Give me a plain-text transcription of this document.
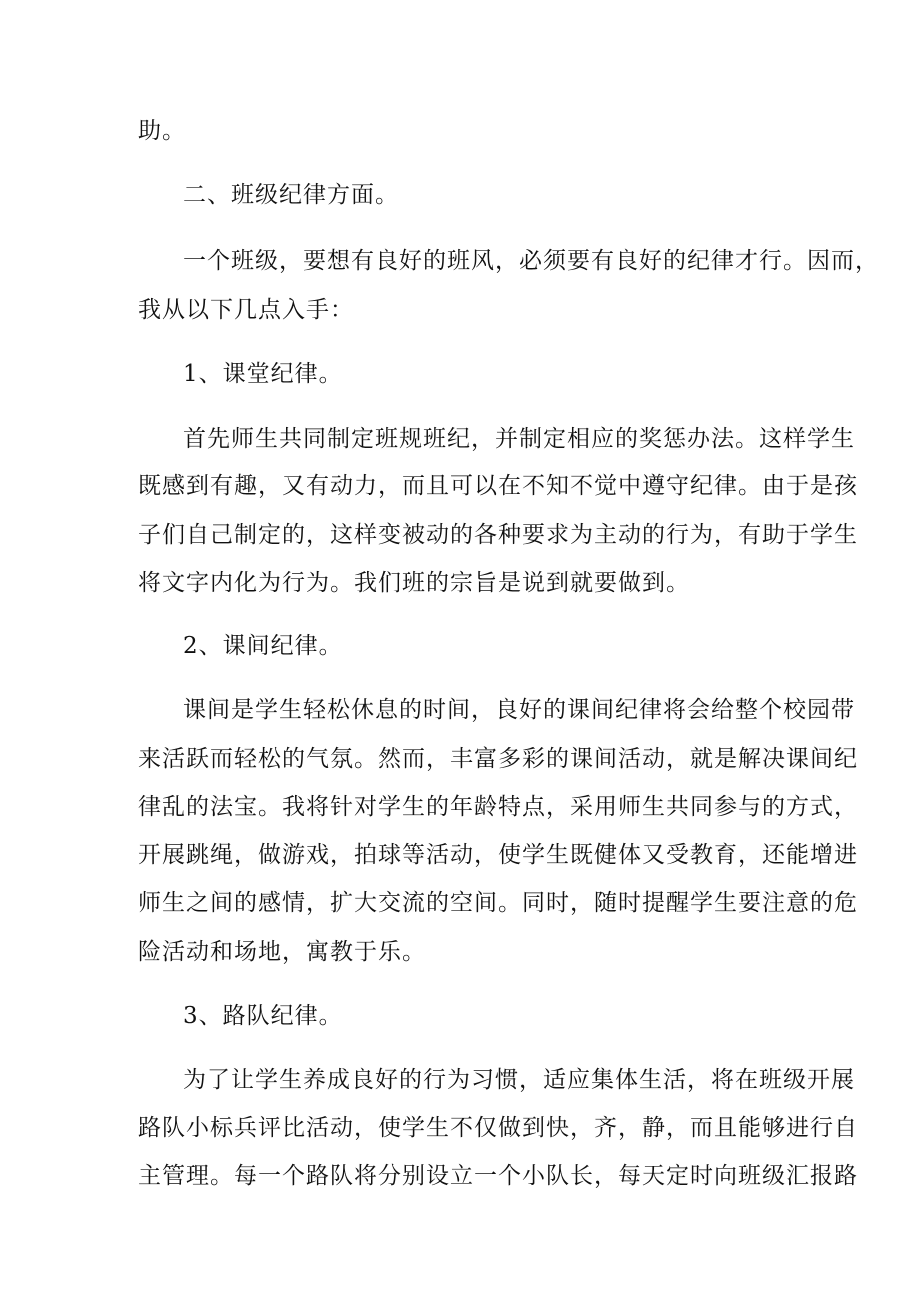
助。
二、班级纪律方面。
一个班级，要想有良好的班风，必须要有良好的纪律才行。因而，
我从以下几点入手：
1、课堂纪律。
首先师生共同制定班规班纪，并制定相应的奖惩办法。这样学生
既感到有趣，又有动力，而且可以在不知不觉中遵守纪律。由于是孩
子们自己制定的，这样变被动的各种要求为主动的行为，有助于学生
将文字内化为行为。我们班的宗旨是说到就要做到。
2、课间纪律。
课间是学生轻松休息的时间，良好的课间纪律将会给整个校园带
来活跃而轻松的气氛。然而，丰富多彩的课间活动，就是解决课间纪
律乱的法宝。我将针对学生的年龄特点，采用师生共同参与的方式，
开展跳绳，做游戏，拍球等活动，使学生既健体又受教育，还能增进
师生之间的感情，扩大交流的空间。同时，随时提醒学生要注意的危
险活动和场地，寓教于乐。
3、路队纪律。
为了让学生养成良好的行为习惯，适应集体生活，将在班级开展
路队小标兵评比活动，使学生不仅做到快，齐，静，而且能够进行自
主管理。每一个路队将分别设立一个小队长，每天定时向班级汇报路
